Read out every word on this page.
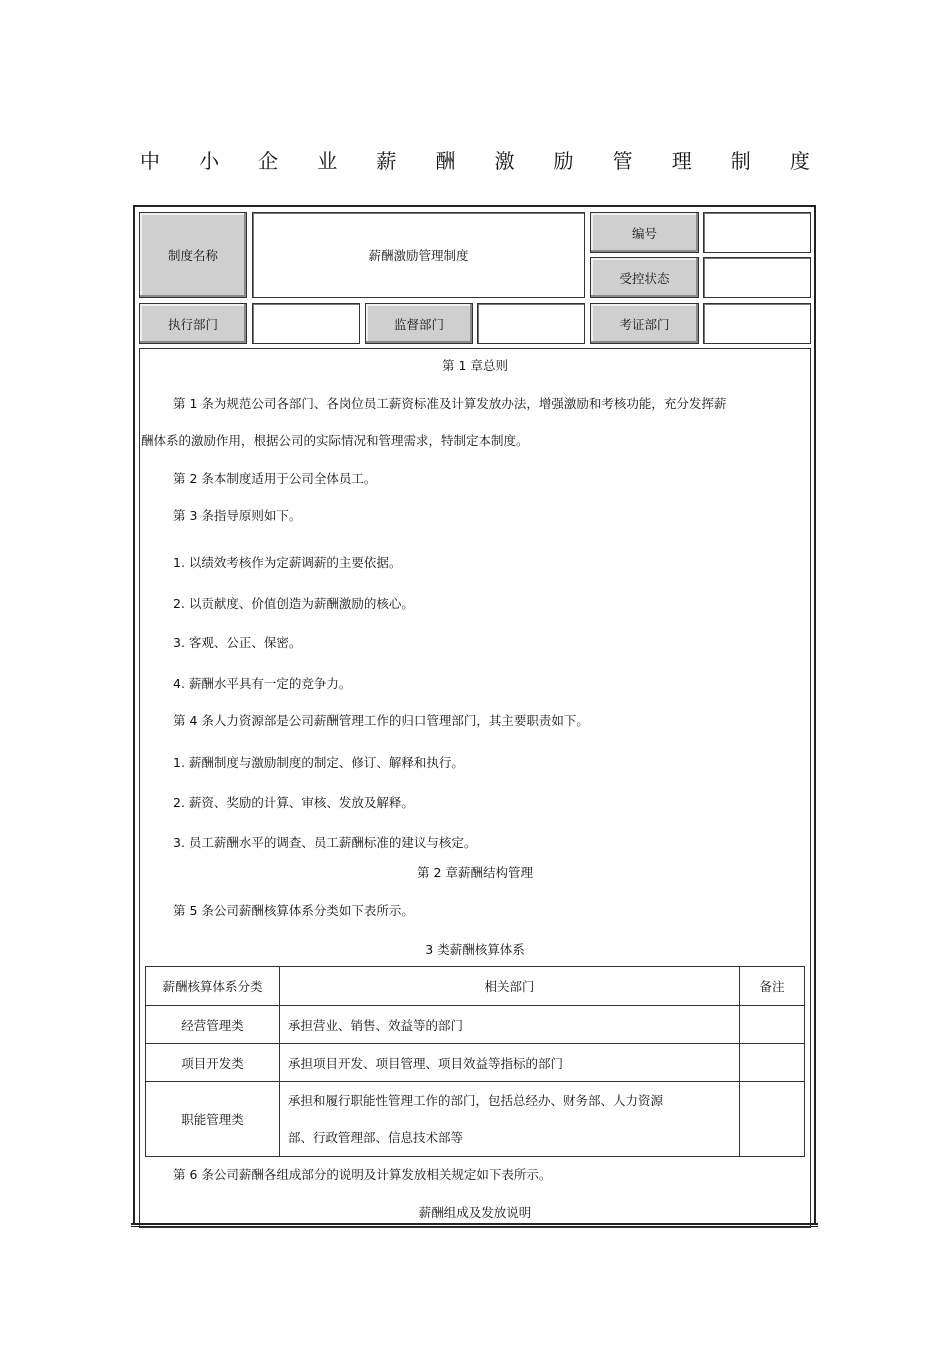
中 小 企 业 薪 酬 激 励 管 理 制 度
制度名称	薪酬激励管理制度
编号
受控状态
执行部门	监督部门	考证部门
第 1 章总则
第 1 条为规范公司各部门、各岗位员工薪资标准及计算发放办法，增强激励和考核功能，充分发挥薪
酬体系的激励作用，根据公司的实际情况和管理需求，特制定本制度。
第 2 条本制度适用于公司全体员工。
第 3 条指导原则如下。
1. 以绩效考核作为定薪调薪的主要依据。
2. 以贡献度、价值创造为薪酬激励的核心。
3. 客观、公正、保密。
4. 薪酬水平具有一定的竞争力。
第 4 条人力资源部是公司薪酬管理工作的归口管理部门，其主要职责如下。
1. 薪酬制度与激励制度的制定、修订、解释和执行。
2. 薪资、奖励的计算、审核、发放及解释。
3. 员工薪酬水平的调查、员工薪酬标准的建议与核定。
第 2 章薪酬结构管理
第 5 条公司薪酬核算体系分类如下表所示。
3 类薪酬核算体系
薪酬核算体系分类	相关部门	备注
经营管理类	承担营业、销售、效益等的部门	
项目开发类	承担项目开发、项目管理、项目效益等指标的部门	
职能管理类	承担和履行职能性管理工作的部门，包括总经办、财务部、人力资源
部、行政管理部、信息技术部等	

第 6 条公司薪酬各组成部分的说明及计算发放相关规定如下表所示。
薪酬组成及发放说明
